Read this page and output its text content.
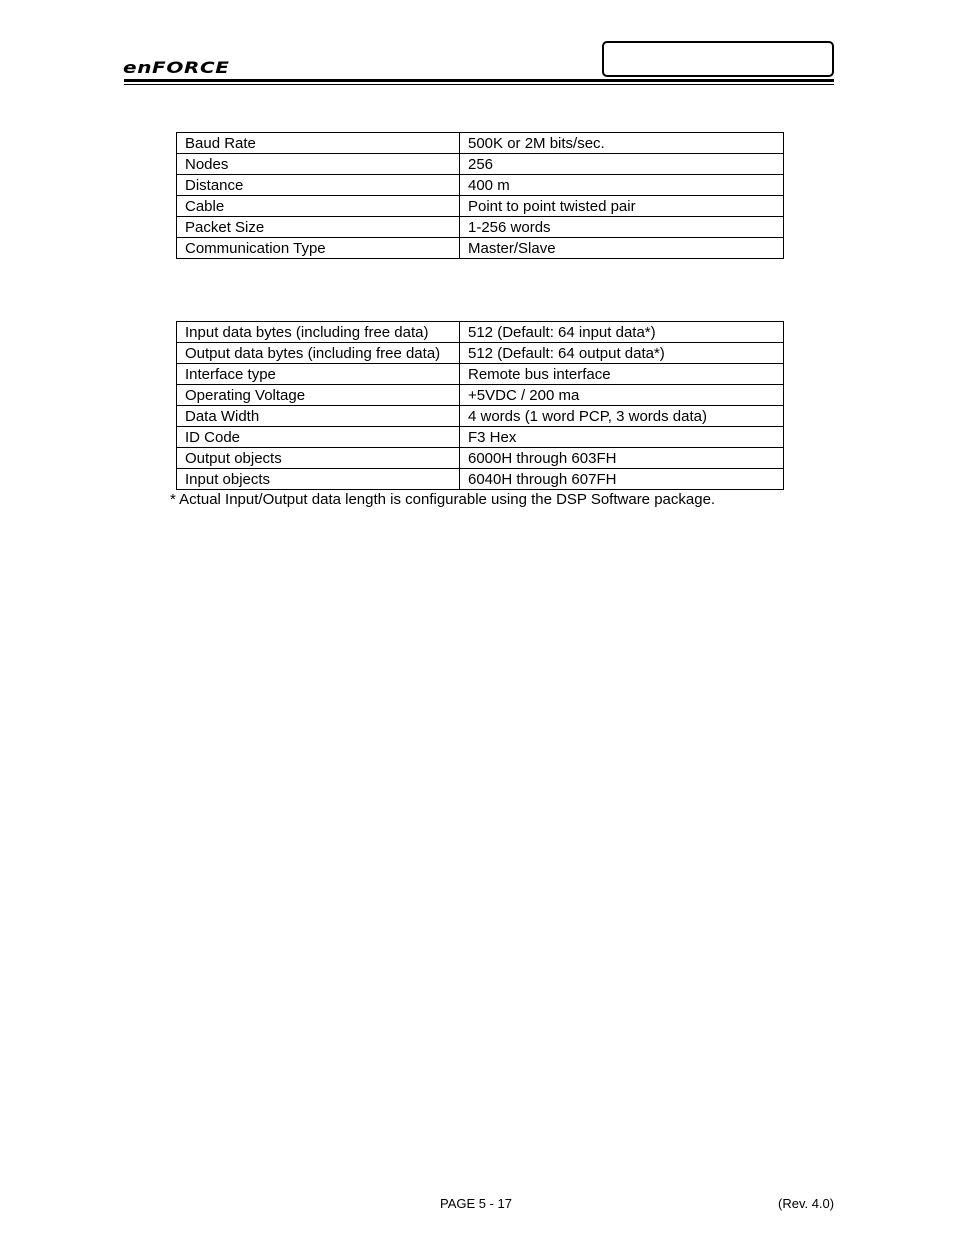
enFORCE
Baud Rate	500K or 2M bits/sec.
Nodes	256
Distance	400 m
Cable	Point to point twisted pair
Packet Size	1-256 words
Communication Type	Master/Slave
Input data bytes (including free data)	512 (Default: 64 input data*)
Output data bytes (including free data)	512 (Default: 64 output data*)
Interface type	Remote bus interface
Operating Voltage	+5VDC / 200 ma
Data Width	4 words (1 word PCP, 3 words data)
ID Code	F3 Hex
Output objects	6000H through 603FH
Input objects	6040H through 607FH
* Actual Input/Output data length is configurable using the DSP Software package.
PAGE 5 - 17	(Rev. 4.0)
